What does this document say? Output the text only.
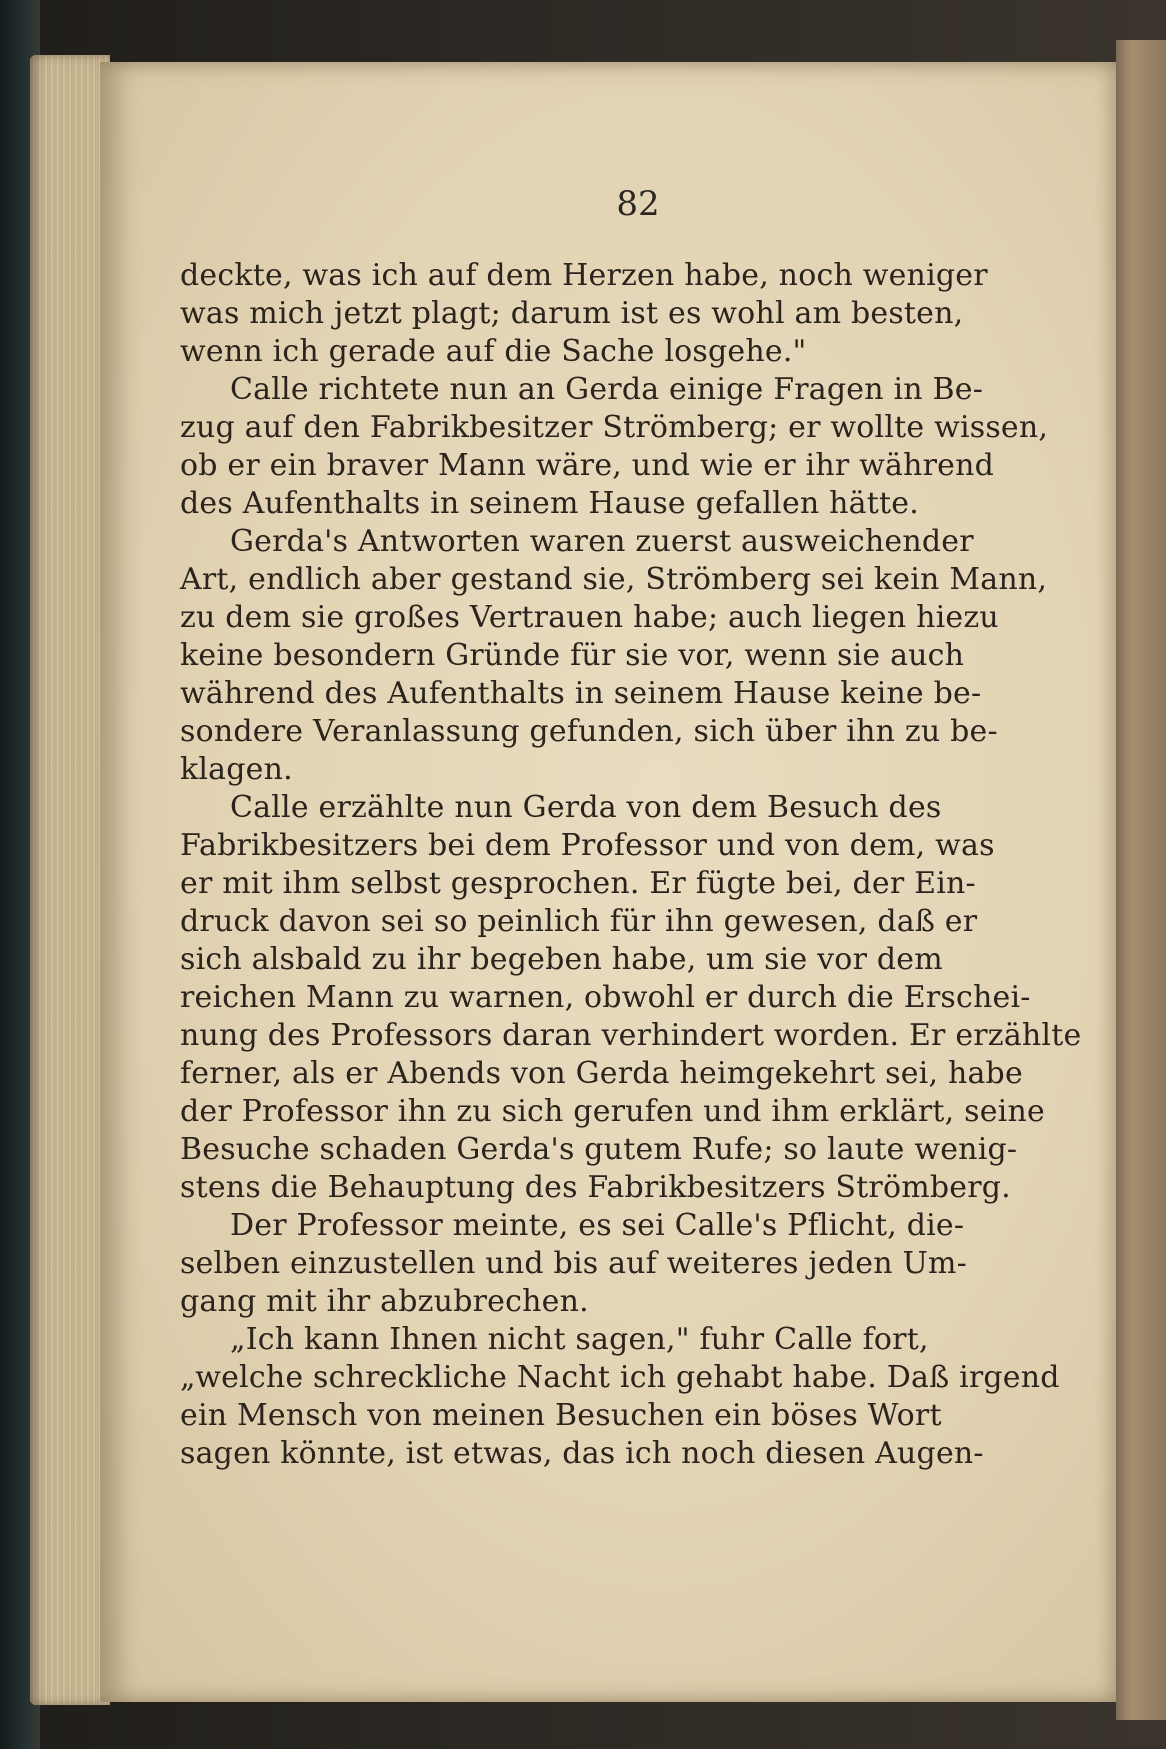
82
deckte, was ich auf dem Herzen habe, noch weniger
was mich jetzt plagt; darum ist es wohl am besten,
wenn ich gerade auf die Sache losgehe."
Calle richtete nun an Gerda einige Fragen in Be-
zug auf den Fabrikbesitzer Strömberg; er wollte wissen,
ob er ein braver Mann wäre, und wie er ihr während
des Aufenthalts in seinem Hause gefallen hätte.
Gerda's Antworten waren zuerst ausweichender
Art, endlich aber gestand sie, Strömberg sei kein Mann,
zu dem sie großes Vertrauen habe; auch liegen hiezu
keine besondern Gründe für sie vor, wenn sie auch
während des Aufenthalts in seinem Hause keine be-
sondere Veranlassung gefunden, sich über ihn zu be-
klagen.
Calle erzählte nun Gerda von dem Besuch des
Fabrikbesitzers bei dem Professor und von dem, was
er mit ihm selbst gesprochen. Er fügte bei, der Ein-
druck davon sei so peinlich für ihn gewesen, daß er
sich alsbald zu ihr begeben habe, um sie vor dem
reichen Mann zu warnen, obwohl er durch die Erschei-
nung des Professors daran verhindert worden. Er erzählte
ferner, als er Abends von Gerda heimgekehrt sei, habe
der Professor ihn zu sich gerufen und ihm erklärt, seine
Besuche schaden Gerda's gutem Rufe; so laute wenig-
stens die Behauptung des Fabrikbesitzers Strömberg.
Der Professor meinte, es sei Calle's Pflicht, die-
selben einzustellen und bis auf weiteres jeden Um-
gang mit ihr abzubrechen.
„Ich kann Ihnen nicht sagen," fuhr Calle fort,
„welche schreckliche Nacht ich gehabt habe. Daß irgend
ein Mensch von meinen Besuchen ein böses Wort
sagen könnte, ist etwas, das ich noch diesen Augen-
